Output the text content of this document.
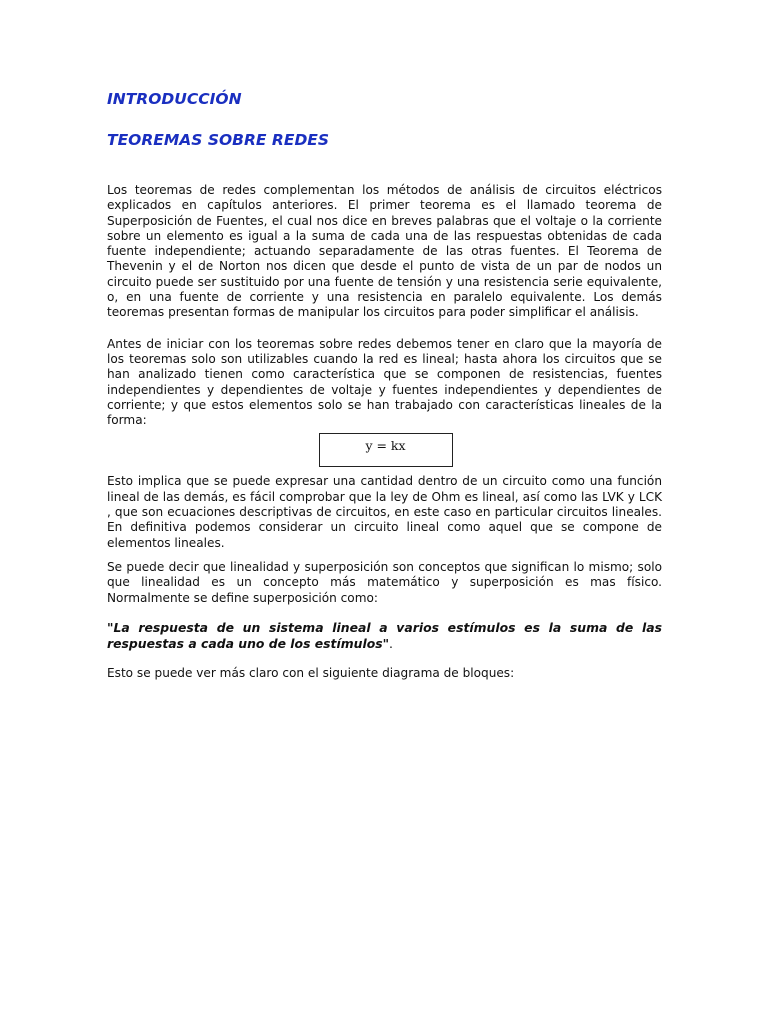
INTRODUCCIÓN
TEOREMAS SOBRE REDES

Los teoremas de redes complementan los métodos de análisis de circuitos eléctricos explicados en capítulos anteriores. El primer teorema es el llamado teorema de Superposición de Fuentes, el cual nos dice en breves palabras que el voltaje o la corriente sobre un elemento es igual a la suma de cada una de las respuestas obtenidas de cada fuente independiente; actuando separadamente de las otras fuentes. El Teorema de Thevenin y el de Norton nos dicen que desde el punto de vista de un par de nodos un circuito puede ser sustituido por una fuente de tensión y una resistencia serie equivalente, o, en una fuente de corriente y una resistencia en paralelo equivalente. Los demás teoremas presentan formas de manipular los circuitos para poder simplificar el análisis.

Antes de iniciar con los teoremas sobre redes debemos tener en claro que la mayoría de los teoremas solo son utilizables cuando la red es lineal; hasta ahora los circuitos que se han analizado tienen como característica que se componen de resistencias, fuentes independientes y dependientes de voltaje y fuentes independientes y dependientes de corriente; y que estos elementos solo se han trabajado con características lineales de la forma:

y = kx

Esto implica que se puede expresar una cantidad dentro de un circuito como una función lineal de las demás, es fácil comprobar que la ley de Ohm es lineal, así como las LVK y LCK , que son ecuaciones descriptivas de circuitos, en este caso en particular circuitos lineales. En definitiva podemos considerar un circuito lineal como aquel que se compone de elementos lineales.

Se puede decir que linealidad y superposición son conceptos que significan lo mismo; solo que linealidad es un concepto más matemático y superposición es mas físico. Normalmente se define superposición como:

"La respuesta de un sistema lineal a varios estímulos es la suma de las respuestas a cada uno de los estímulos".

Esto se puede ver más claro con el siguiente diagrama de bloques:
